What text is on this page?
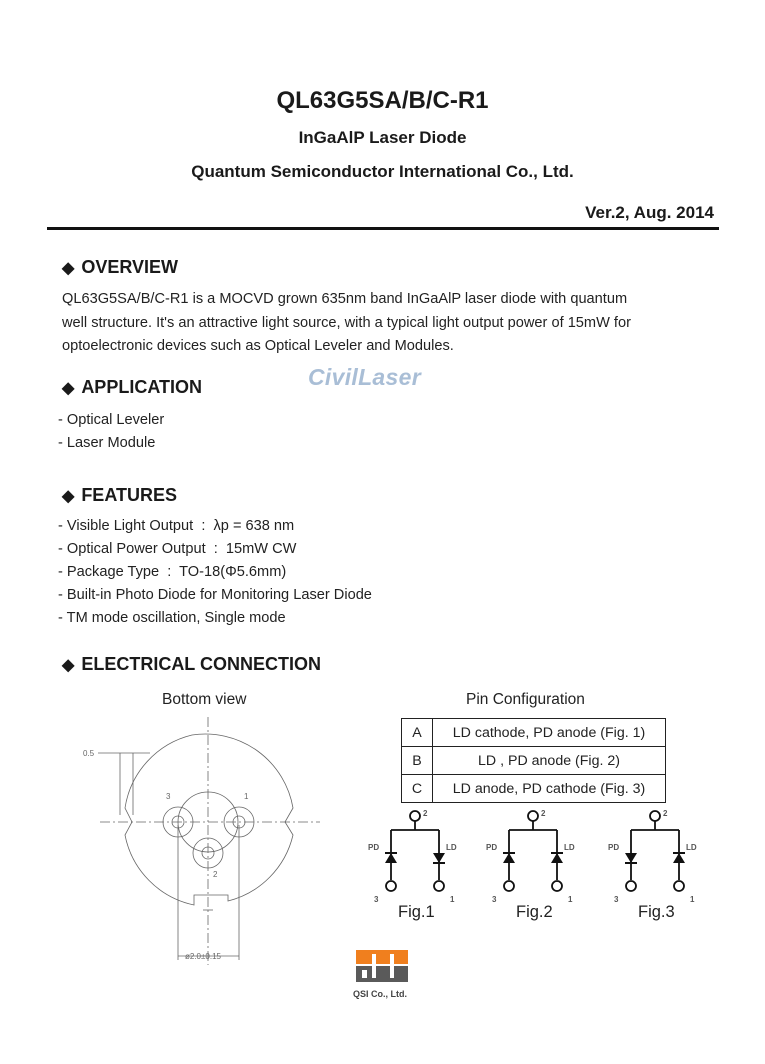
QL63G5SA/B/C-R1
InGaAlP Laser Diode
Quantum Semiconductor International Co., Ltd.
Ver.2, Aug. 2014
◆ OVERVIEW
QL63G5SA/B/C-R1 is a MOCVD grown 635nm band InGaAlP laser diode with quantum
well structure. It's an attractive light source, with a typical light output power of 15mW for
optoelectronic devices such as Optical Leveler and Modules.
CivilLaser
◆ APPLICATION
- Optical Leveler
- Laser Module
◆ FEATURES
- Visible Light Output  :  λp = 638 nm
- Optical Power Output  :  15mW CW
- Package Type  :  TO-18(Φ5.6mm)
- Built-in Photo Diode for Monitoring Laser Diode
- TM mode oscillation, Single mode
◆ ELECTRICAL CONNECTION
Bottom view	Pin Configuration
0.5
ø2.0±0.15
1
2
3
A	LD cathode, PD anode (Fig. 1)
B	LD , PD anode (Fig. 2)
C	LD anode, PD cathode (Fig. 3)
2
PD	LD
3	1
2
PD	LD
3	1
2
PD	LD
3	1
Fig.1	Fig.2	Fig.3
QSI Co., Ltd.
